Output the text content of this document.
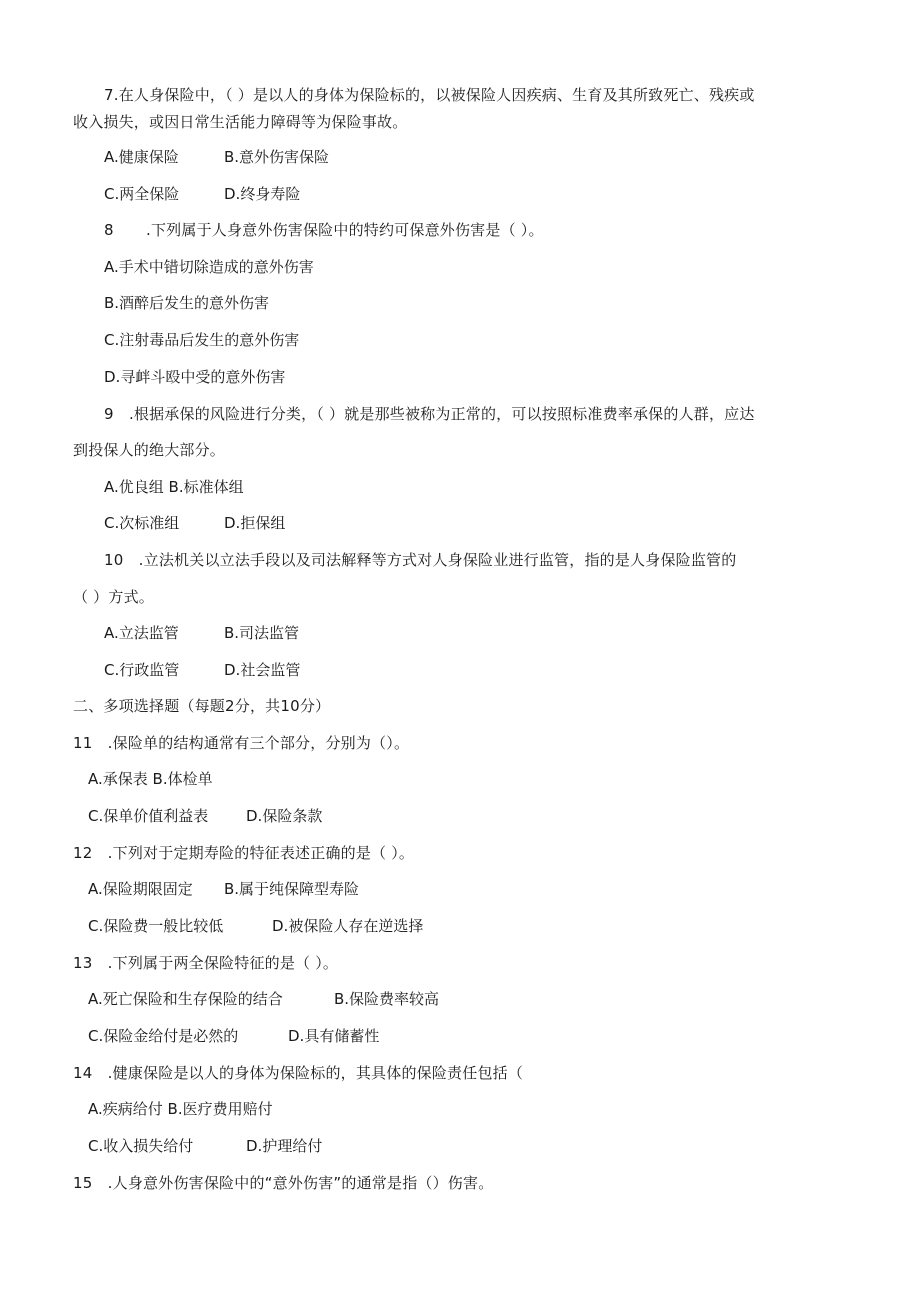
7.在人身保险中，（ ）是以人的身体为保险标的，以被保险人因疾病、生育及其所致死亡、残疾或
收入损失，或因日常生活能力障碍等为保险事故。
A.健康保险	B.意外伤害保险
C.两全保险	D.终身寿险
8 .下列属于人身意外伤害保险中的特约可保意外伤害是（ ）。
A.手术中错切除造成的意外伤害
B.酒醉后发生的意外伤害
C.注射毒品后发生的意外伤害
D.寻衅斗殴中受的意外伤害
9　.根据承保的风险进行分类，（ ）就是那些被称为正常的，可以按照标准费率承保的人群，应达
到投保人的绝大部分。
A.优良组 B.标准体组
C.次标准组	D.拒保组
10　.立法机关以立法手段以及司法解释等方式对人身保险业进行监管，指的是人身保险监管的
（ ）方式。
A.立法监管	B.司法监管
C.行政监管	D.社会监管
二、多项选择题（每题2分，共10分）
11　.保险单的结构通常有三个部分，分别为（）。
A.承保表 B.体检单
C.保单价值利益表	D.保险条款
12　.下列对于定期寿险的特征表述正确的是（ ）。
A.保险期限固定 B.属于纯保障型寿险
C.保险费一般比较低	D.被保险人存在逆选择
13　.下列属于两全保险特征的是（ ）。
A.死亡保险和生存保险的结合	B.保险费率较高
C.保险金给付是必然的	D.具有储蓄性
14　.健康保险是以人的身体为保险标的，其具体的保险责任包括（
A.疾病给付 B.医疗费用赔付
C.收入损失给付	D.护理给付
15　.人身意外伤害保险中的“意外伤害”的通常是指（）伤害。
